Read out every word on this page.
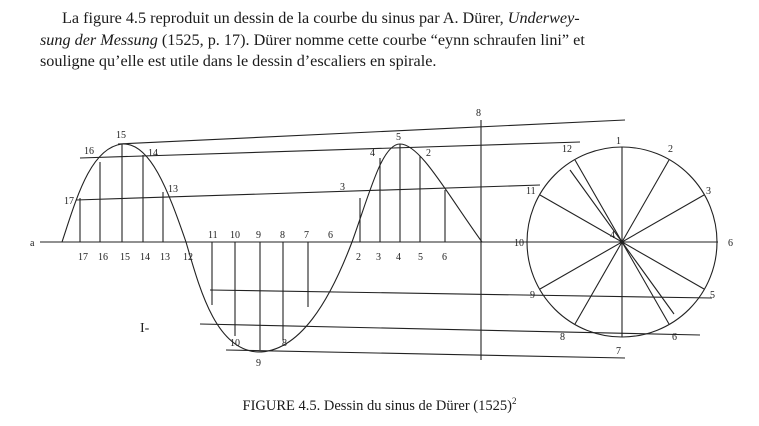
La figure 4.5 reproduit un dessin de la courbe du sinus par A. Dürer, Underwey-
sung der Messung (1525, p. 17). Dürer nomme cette courbe “eynn schraufen lini” et
souligne qu’elle est utile dans le dessin d’escaliers en spirale.

a	6
8
I-
16
15
14
13
17
3
4
5
2
17 16 15 14 13 12	2 3 4 5 6
11 10 9 8 7 6
10
9
8
1
2
3
4
5
6
7
8
9
10
11
12
FIGURE 4.5. Dessin du sinus de Dürer $(1525)^2$
